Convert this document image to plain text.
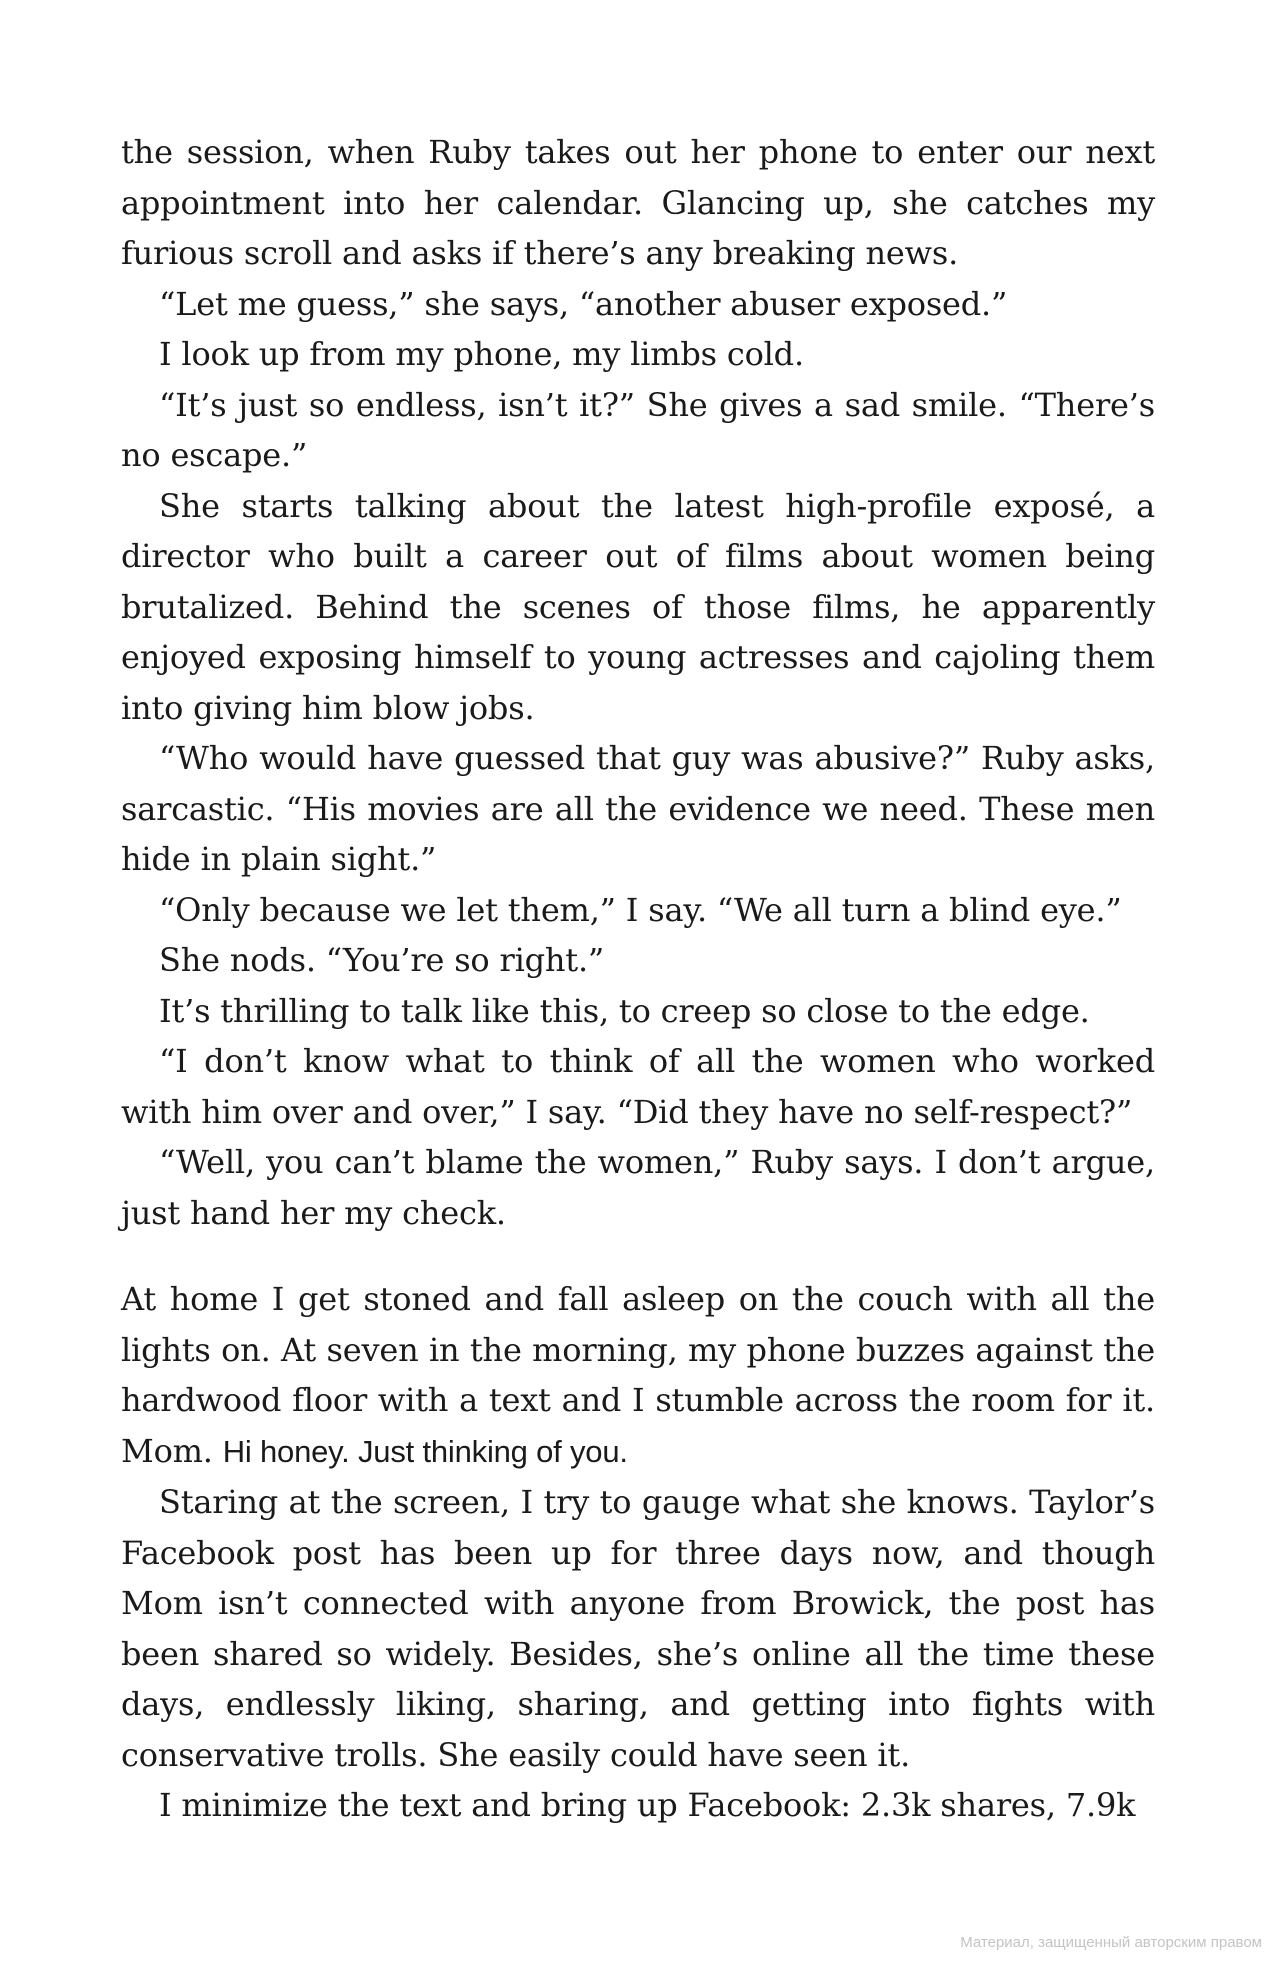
the session, when Ruby takes out her phone to enter our next appointment into her calendar. Glancing up, she catches my furious scroll and asks if there’s any breaking news.

“Let me guess,” she says, “another abuser exposed.”

I look up from my phone, my limbs cold.

“It’s just so endless, isn’t it?” She gives a sad smile. “There’s no escape.”

She starts talking about the latest high-profile exposé, a director who built a career out of films about women being brutalized. Behind the scenes of those films, he apparently enjoyed exposing himself to young actresses and cajoling them into giving him blow jobs.

“Who would have guessed that guy was abusive?” Ruby asks, sarcastic. “His movies are all the evidence we need. These men hide in plain sight.”

“Only because we let them,” I say. “We all turn a blind eye.”

She nods. “You’re so right.”

It’s thrilling to talk like this, to creep so close to the edge.

“I don’t know what to think of all the women who worked with him over and over,” I say. “Did they have no self-respect?”

“Well, you can’t blame the women,” Ruby says. I don’t argue, just hand her my check.

At home I get stoned and fall asleep on the couch with all the lights on. At seven in the morning, my phone buzzes against the hardwood floor with a text and I stumble across the room for it. Mom. Hi honey. Just thinking of you.

Staring at the screen, I try to gauge what she knows. Taylor’s Facebook post has been up for three days now, and though Mom isn’t connected with anyone from Browick, the post has been shared so widely. Besides, she’s online all the time these days, endlessly liking, sharing, and getting into fights with conservative trolls. She easily could have seen it.

I minimize the text and bring up Facebook: 2.3k shares, 7.9k

Материал, защищенный авторским правом
